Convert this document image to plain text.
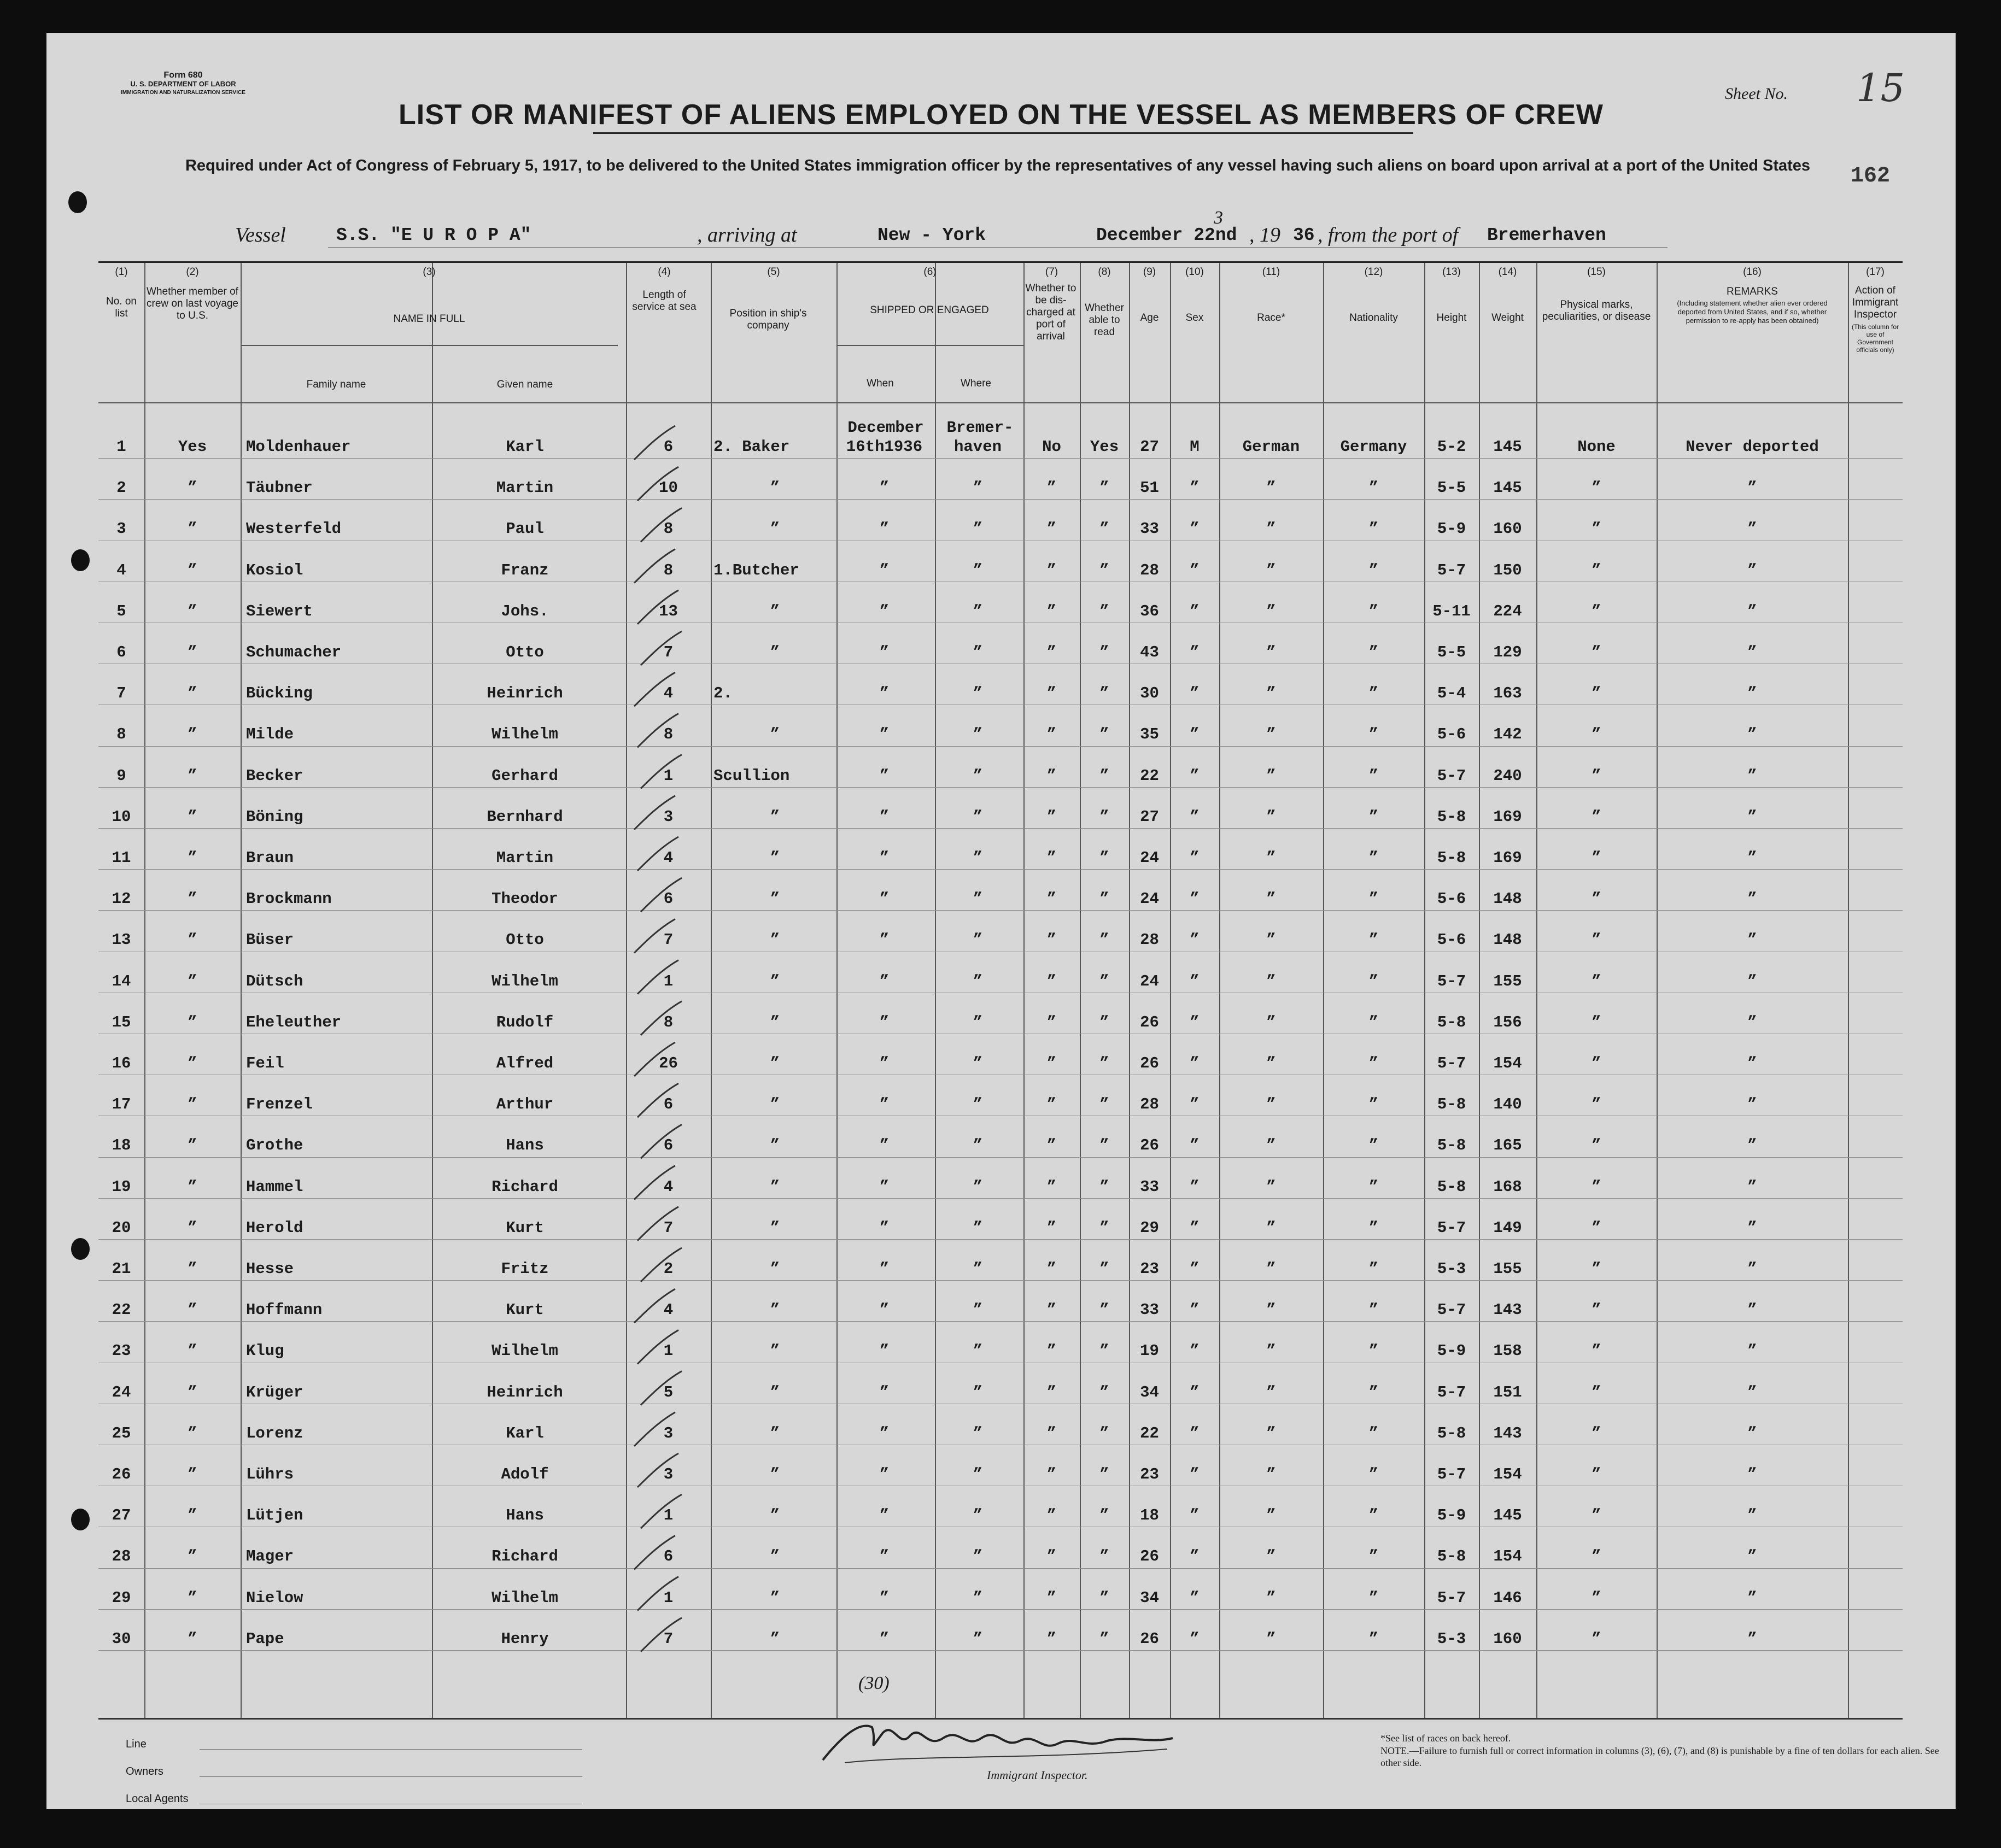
Form 680
U. S. DEPARTMENT OF LABOR
IMMIGRATION AND NATURALIZATION SERVICE	Sheet No. 15
162
LIST OR MANIFEST OF ALIENS EMPLOYED ON THE VESSEL AS MEMBERS OF CREW
Required under Act of Congress of February 5, 1917, to be delivered to the United States immigration officer by the representatives of any vessel having such aliens on board upon arrival at a port of the United States
Vessel	S.S. "E U R O P A"	, arriving at	New - York	December 22nd
3
, 19 36 , from the port of Bremerhaven
(1)	(2)	(3)	(4)	(5)	(6)	(7)	(8)	(9)	(10)	(11)	(12)	(13)	(14)	(15)	(16)	(17)
No. on list
Whether member of crew on last voyage to U.S.	NAME IN FULL
Family name	Given name
Length of service at sea
Position in ship's company
SHIPPED OR ENGAGED
When	Where
Whether to be dis-charged at port of arrival
Whether able to read
Age	Sex	Race*	Nationality	Height	Weight
Physical marks, peculiarities, or disease
REMARKS
(Including statement whether alien ever ordered deported from United States, and if so, whether permission to re-apply has been obtained)
Action of Immigrant Inspector
(This column for use of Government officials only)
December	Bremer-
1	Yes	Moldenhauer	Karl	6	2. Baker	16th1936	haven	No	Yes	27	M	German	Germany	5-2	145	None	Never deported
2	”	Täubner	Martin	10	”	”	”	”	”	51	”	”	”	5-5	145	”	”
3	”	Westerfeld	Paul	8	”	”	”	”	”	33	”	”	”	5-9	160	”	”
4	”	Kosiol	Franz	8	1.Butcher	”	”	”	”	28	”	”	”	5-7	150	”	”
5	”	Siewert	Johs.	13	”	”	”	”	”	36	”	”	”	5-11	224	”	”
6	”	Schumacher	Otto	7	”	”	”	”	”	43	”	”	”	5-5	129	”	”
7	”	Bücking	Heinrich	4	2.	”	”	”	”	30	”	”	”	5-4	163	”	”
8	”	Milde	Wilhelm	8	”	”	”	”	”	35	”	”	”	5-6	142	”	”
9	”	Becker	Gerhard	1	Scullion	”	”	”	”	22	”	”	”	5-7	240	”	”
10	”	Böning	Bernhard	3	”	”	”	”	”	27	”	”	”	5-8	169	”	”
11	”	Braun	Martin	4	”	”	”	”	”	24	”	”	”	5-8	169	”	”
12	”	Brockmann	Theodor	6	”	”	”	”	”	24	”	”	”	5-6	148	”	”
13	”	Büser	Otto	7	”	”	”	”	”	28	”	”	”	5-6	148	”	”
14	”	Dütsch	Wilhelm	1	”	”	”	”	”	24	”	”	”	5-7	155	”	”
15	”	Eheleuther	Rudolf	8	”	”	”	”	”	26	”	”	”	5-8	156	”	”
16	”	Feil	Alfred	26	”	”	”	”	”	26	”	”	”	5-7	154	”	”
17	”	Frenzel	Arthur	6	”	”	”	”	”	28	”	”	”	5-8	140	”	”
18	”	Grothe	Hans	6	”	”	”	”	”	26	”	”	”	5-8	165	”	”
19	”	Hammel	Richard	4	”	”	”	”	”	33	”	”	”	5-8	168	”	”
20	”	Herold	Kurt	7	”	”	”	”	”	29	”	”	”	5-7	149	”	”
21	”	Hesse	Fritz	2	”	”	”	”	”	23	”	”	”	5-3	155	”	”
22	”	Hoffmann	Kurt	4	”	”	”	”	”	33	”	”	”	5-7	143	”	”
23	”	Klug	Wilhelm	1	”	”	”	”	”	19	”	”	”	5-9	158	”	”
24	”	Krüger	Heinrich	5	”	”	”	”	”	34	”	”	”	5-7	151	”	”
25	”	Lorenz	Karl	3	”	”	”	”	”	22	”	”	”	5-8	143	”	”
26	”	Lührs	Adolf	3	”	”	”	”	”	23	”	”	”	5-7	154	”	”
27	”	Lütjen	Hans	1	”	”	”	”	”	18	”	”	”	5-9	145	”	”
28	”	Mager	Richard	6	”	”	”	”	”	26	”	”	”	5-8	154	”	”
29	”	Nielow	Wilhelm	1	”	”	”	”	”	34	”	”	”	5-7	146	”	”
30	”	Pape	Henry	7	”	”	”	”	”	26	”	”	”	5-3	160	”	”
(30)
Line
Owners
Local Agents
Immigrant Inspector.
*See list of races on back hereof.
NOTE.—Failure to furnish full or correct information in columns (3), (6), (7), and (8) is punishable by a fine of ten dollars for each alien. See other side.
